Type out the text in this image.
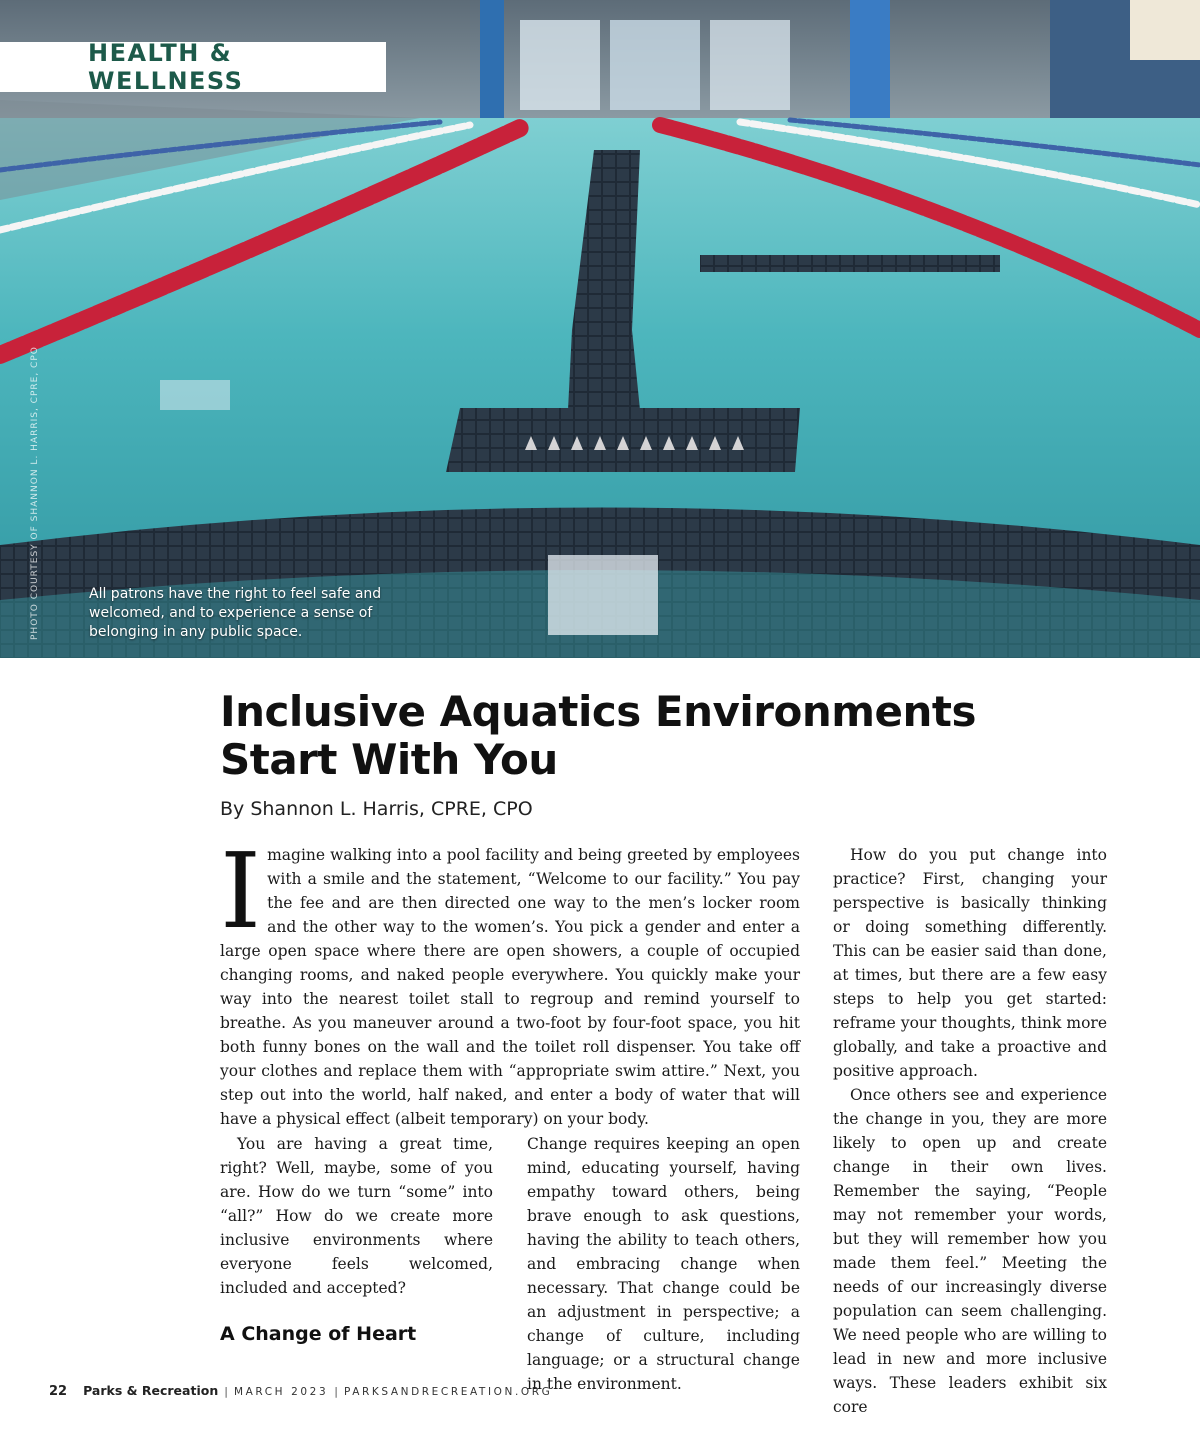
HEALTH & WELLNESS
PHOTO COURTESY OF SHANNON L. HARRIS, CPRE, CPO	All patrons have the right to feel safe and welcomed, and to experience a sense of belonging in any public space.
Inclusive Aquatics Environments
Start With You
By Shannon L. Harris, CPRE, CPO

Imagine walking into a pool facility and being greeted by employees with a smile and the statement, “Welcome to our facility.” You pay the fee and are then directed one way to the men’s locker room and the other way to the women’s. You pick a gender and enter a large open space where there are open showers, a couple of occupied changing rooms, and naked people everywhere. You quickly make your way into the nearest toilet stall to regroup and remind yourself to breathe. As you maneuver around a two-foot by four-foot space, you hit both funny bones on the wall and the toilet roll dispenser. You take off your clothes and replace them with “appropriate swim attire.” Next, you step out into the world, half naked, and enter a body of water that will have a physical effect (albeit temporary) on your body.

You are having a great time, right? Well, maybe, some of you are. How do we turn “some” into “all?” How do we create more inclusive environments where everyone feels welcomed, included and accepted?

A Change of Heart

How do you put change into practice? First, changing your perspective is basically thinking or doing something differently. This can be easier said than done, at times, but there are a few easy steps to help you get started: reframe your thoughts, think more globally, and take a proactive and positive approach.

Once others see and experience the change in you, they are more likely to open up and create change in their own lives. Remember the saying, “People may not remember your words, but they will remember how you made them feel.” Meeting the needs of our increasingly diverse population can seem challenging. We need people who are willing to lead in new and more inclusive ways. These leaders exhibit six core

22 Parks & Recreation | MARCH 2023 | PARKSANDRECREATION.ORG

Change requires keeping an open mind, educating yourself, having empathy toward others, being brave enough to ask questions, having the ability to teach others, and embracing change when necessary. That change could be an adjustment in perspective; a change of culture, including language; or a structural change in the environment.
